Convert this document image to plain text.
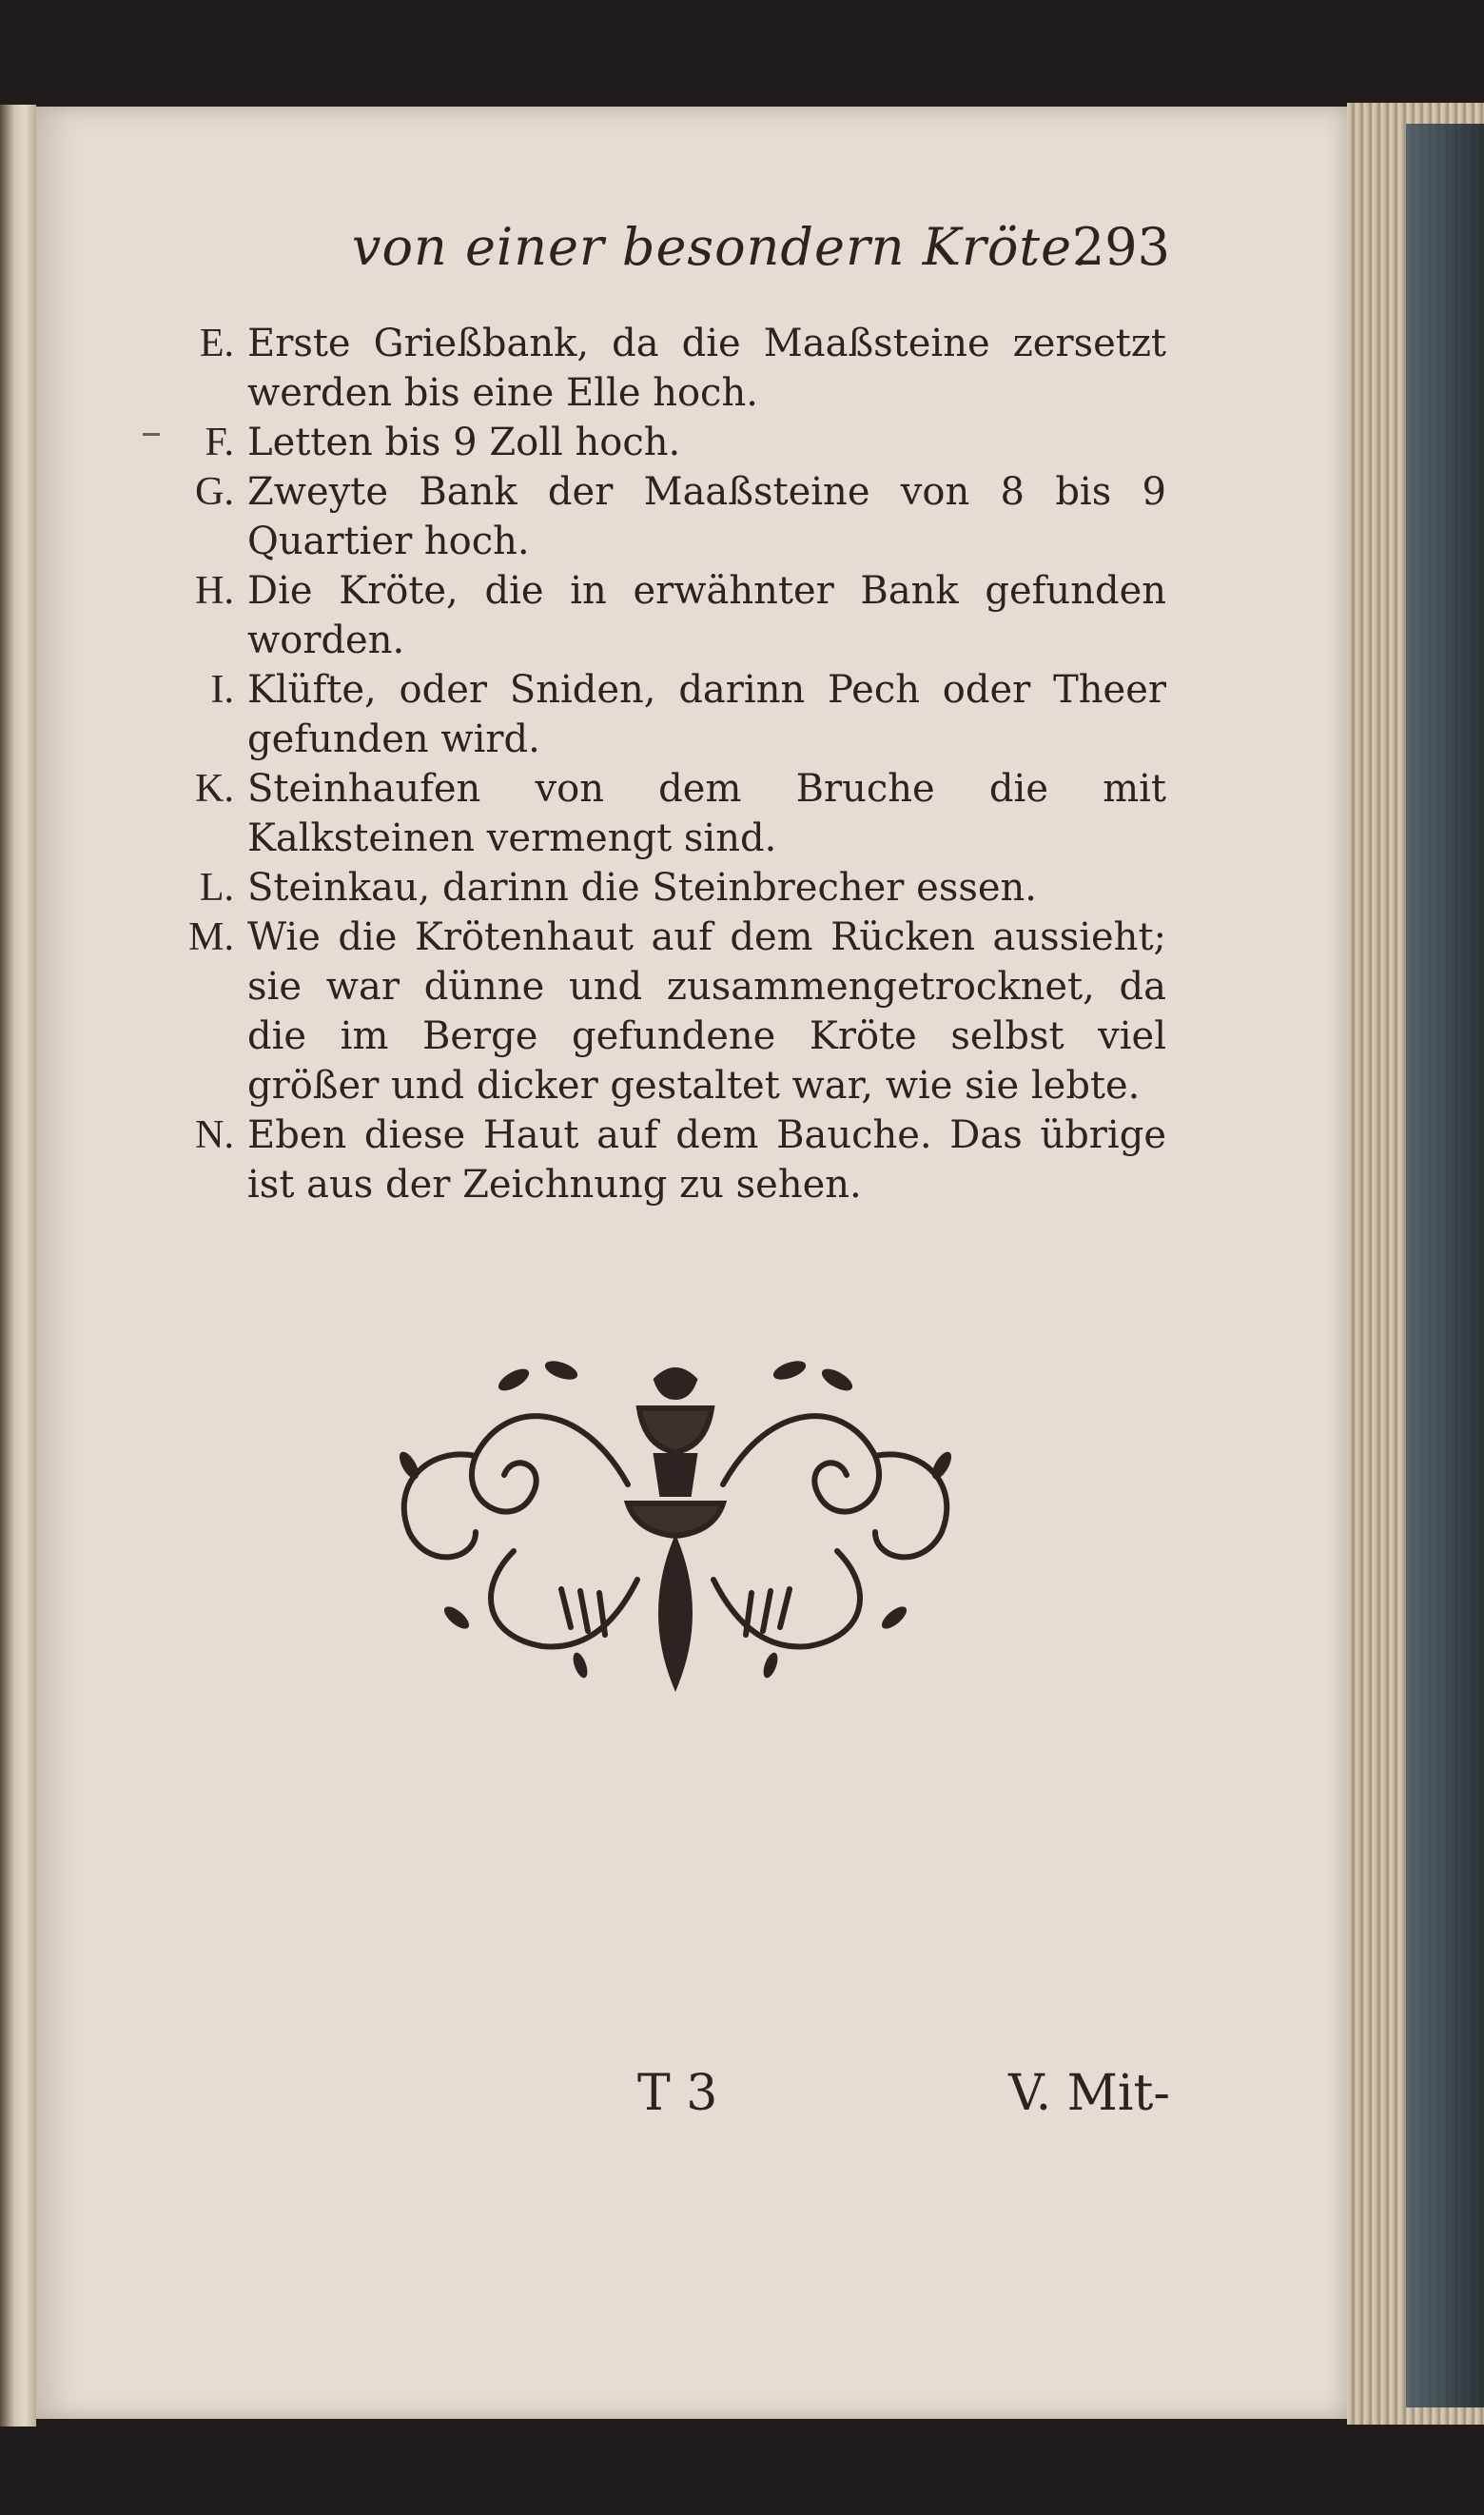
von einer besondern Kröte.
293

E. Erste Grießbank, da die Maaßsteine zersetzt werden bis eine Elle hoch.

F. Letten bis 9 Zoll hoch.

G. Zweyte Bank der Maaßsteine von 8 bis 9 Quartier hoch.

H. Die Kröte, die in erwähnter Bank gefunden worden.

I. Klüfte, oder Sniden, darinn Pech oder Theer gefunden wird.

K. Steinhaufen von dem Bruche die mit Kalksteinen vermengt sind.

L. Steinkau, darinn die Steinbrecher essen.

M. Wie die Krötenhaut auf dem Rücken aussieht; sie war dünne und zusammengetrocknet, da die im Berge gefundene Kröte selbst viel größer und dicker gestaltet war, wie sie lebte.

N. Eben diese Haut auf dem Bauche. Das übrige ist aus der Zeichnung zu sehen.

T 3	V. Mit-
